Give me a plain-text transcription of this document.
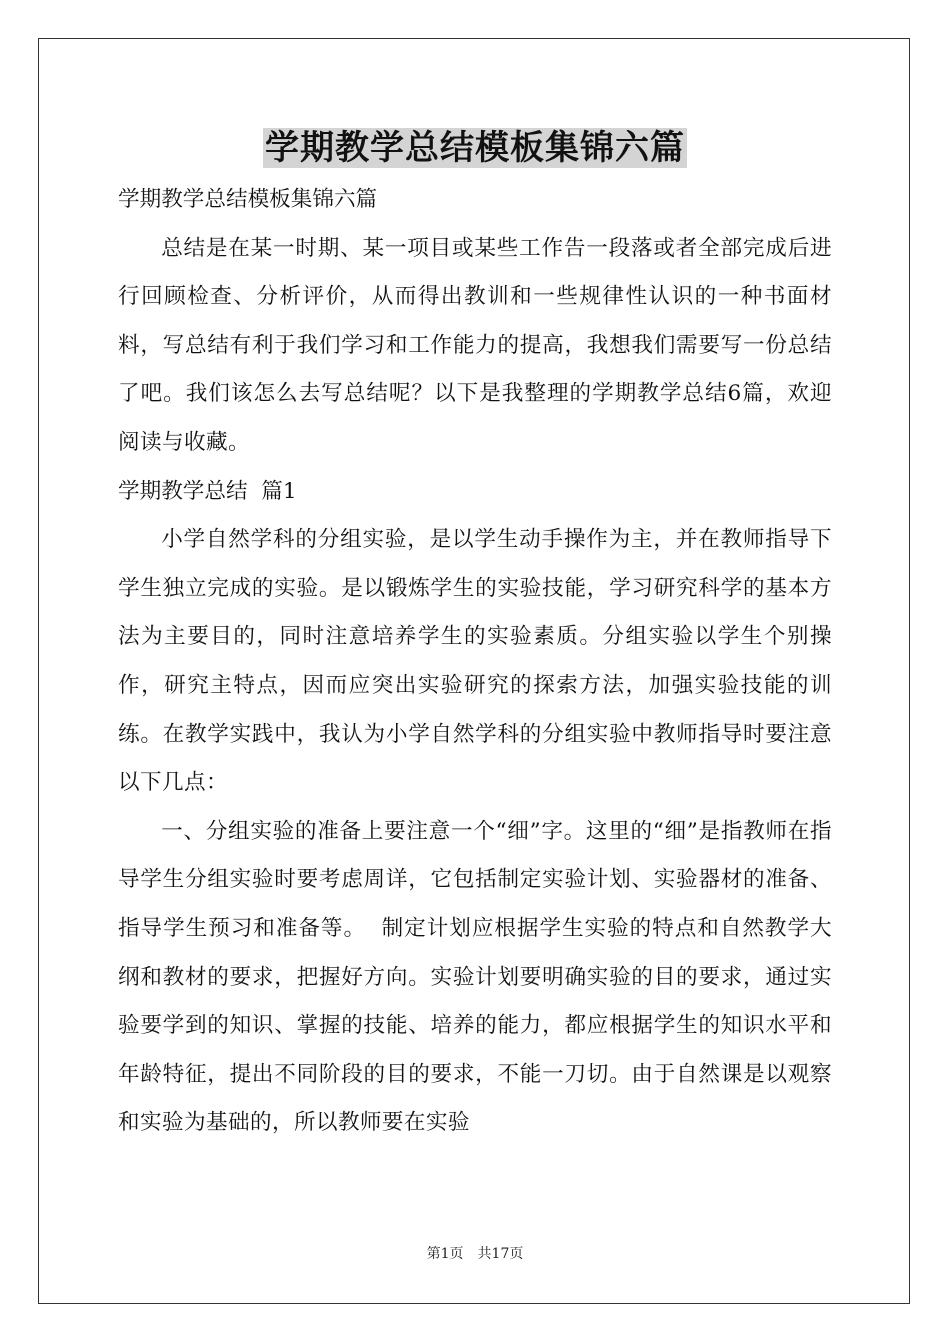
学期教学总结模板集锦六篇

学期教学总结模板集锦六篇

总结是在某一时期、某一项目或某些工作告一段落或者全部完成后进行回顾检查、分析评价，从而得出教训和一些规律性认识的一种书面材料，写总结有利于我们学习和工作能力的提高，我想我们需要写一份总结了吧。我们该怎么去写总结呢？以下是我整理的学期教学总结6篇，欢迎阅读与收藏。

学期教学总结  篇1

小学自然学科的分组实验，是以学生动手操作为主，并在教师指导下学生独立完成的实验。是以锻炼学生的实验技能，学习研究科学的基本方法为主要目的，同时注意培养学生的实验素质。分组实验以学生个别操作，研究主特点，因而应突出实验研究的探索方法，加强实验技能的训练。在教学实践中，我认为小学自然学科的分组实验中教师指导时要注意以下几点：

一、分组实验的准备上要注意一个“细”字。这里的“细”是指教师在指导学生分组实验时要考虑周详，它包括制定实验计划、实验器材的准备、指导学生预习和准备等。  制定计划应根据学生实验的特点和自然教学大纲和教材的要求，把握好方向。实验计划要明确实验的目的要求，通过实验要学到的知识、掌握的技能、培养的能力，都应根据学生的知识水平和年龄特征，提出不同阶段的目的要求，不能一刀切。由于自然课是以观察和实验为基础的，所以教师要在实验

第1页 共17页
